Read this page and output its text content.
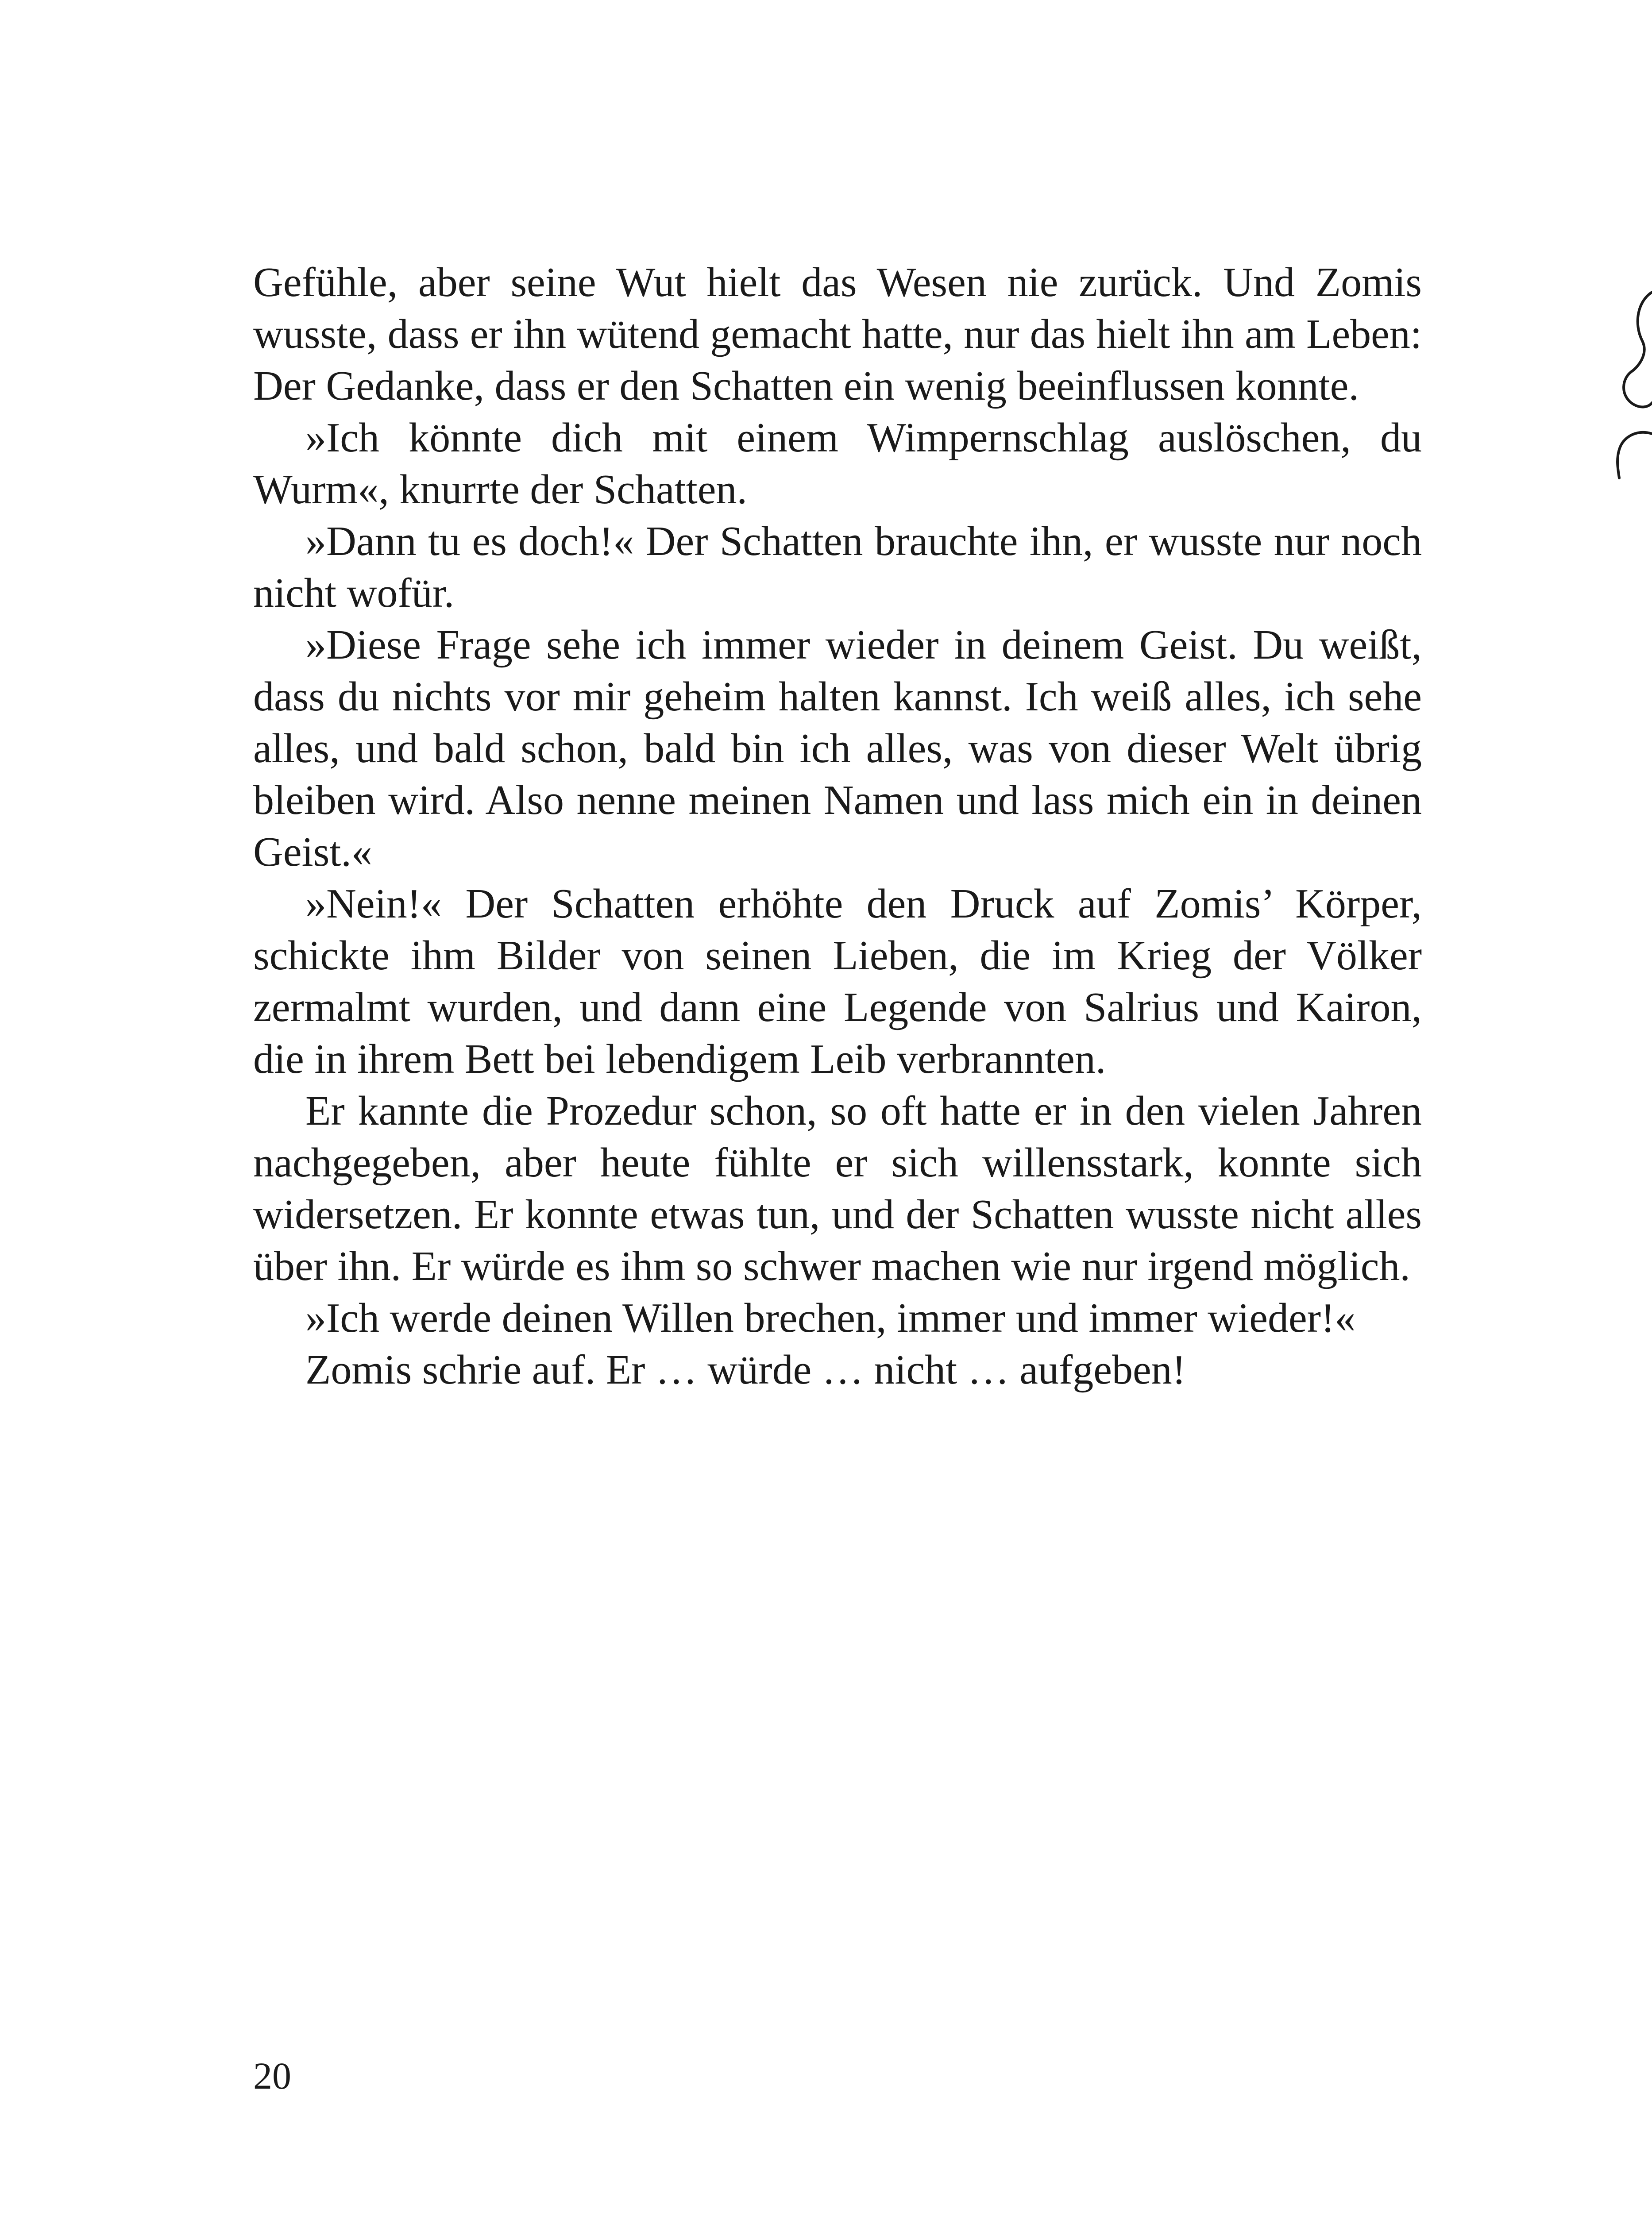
Gefühle, aber seine Wut hielt das Wesen nie zurück. Und Zomis wusste, dass er ihn wütend gemacht hatte, nur das hielt ihn am Leben: Der Gedanke, dass er den Schatten ein wenig beeinflussen konnte.

»Ich könnte dich mit einem Wimpernschlag auslöschen, du Wurm«, knurrte der Schatten.

»Dann tu es doch!« Der Schatten brauchte ihn, er wusste nur noch nicht wofür.

»Diese Frage sehe ich immer wieder in deinem Geist. Du weißt, dass du nichts vor mir geheim halten kannst. Ich weiß alles, ich sehe alles, und bald schon, bald bin ich alles, was von dieser Welt übrig bleiben wird. Also nenne meinen Namen und lass mich ein in deinen Geist.«

»Nein!« Der Schatten erhöhte den Druck auf Zomis’ Körper, schickte ihm Bilder von seinen Lieben, die im Krieg der Völker zermalmt wurden, und dann eine Legende von Salrius und Kairon, die in ihrem Bett bei lebendigem Leib verbrannten.

Er kannte die Prozedur schon, so oft hatte er in den vielen Jahren nachgegeben, aber heute fühlte er sich willensstark, konnte sich widersetzen. Er konnte etwas tun, und der Schatten wusste nicht alles über ihn. Er würde es ihm so schwer machen wie nur irgend möglich.

»Ich werde deinen Willen brechen, immer und immer wieder!«

Zomis schrie auf. Er … würde … nicht … aufgeben!

20
